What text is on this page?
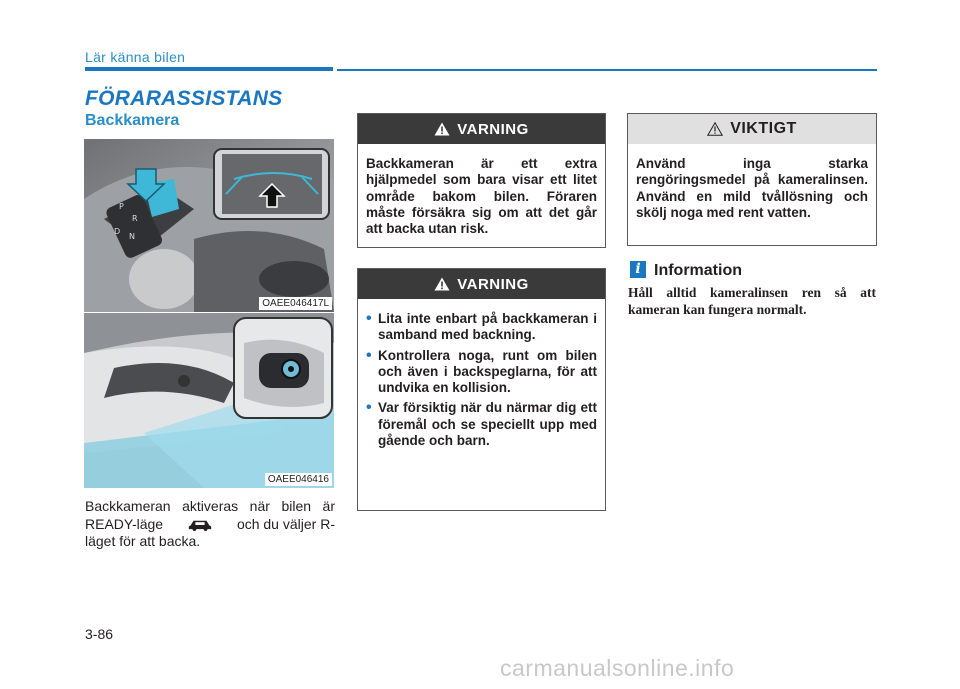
Lär känna bilen
FÖRARASSISTANS
Backkamera
P
R
D
N
OAEE046417L
OAEE046416
Backkameran aktiveras när bilen är
READY-läge	och du väljer R-
läget för att backa.
VARNING
Backkameran är ett extra hjälpmedel som bara visar ett litet område bakom bilen. Föraren måste försäkra sig om att det går att backa utan risk.
VARNING
• Lita inte enbart på backkameran i samband med backning.
• Kontrollera noga, runt om bilen och även i backspeglarna, för att undvika en kollision.
• Var försiktig när du närmar dig ett föremål och se speciellt upp med gående och barn.
VIKTIGT
Använd inga starka rengöringsmedel på kameralinsen. Använd en mild tvållösning och skölj noga med rent vatten.
i Information
Håll alltid kameralinsen ren så att kameran kan fungera normalt.
3-86
carmanualsonline.info
